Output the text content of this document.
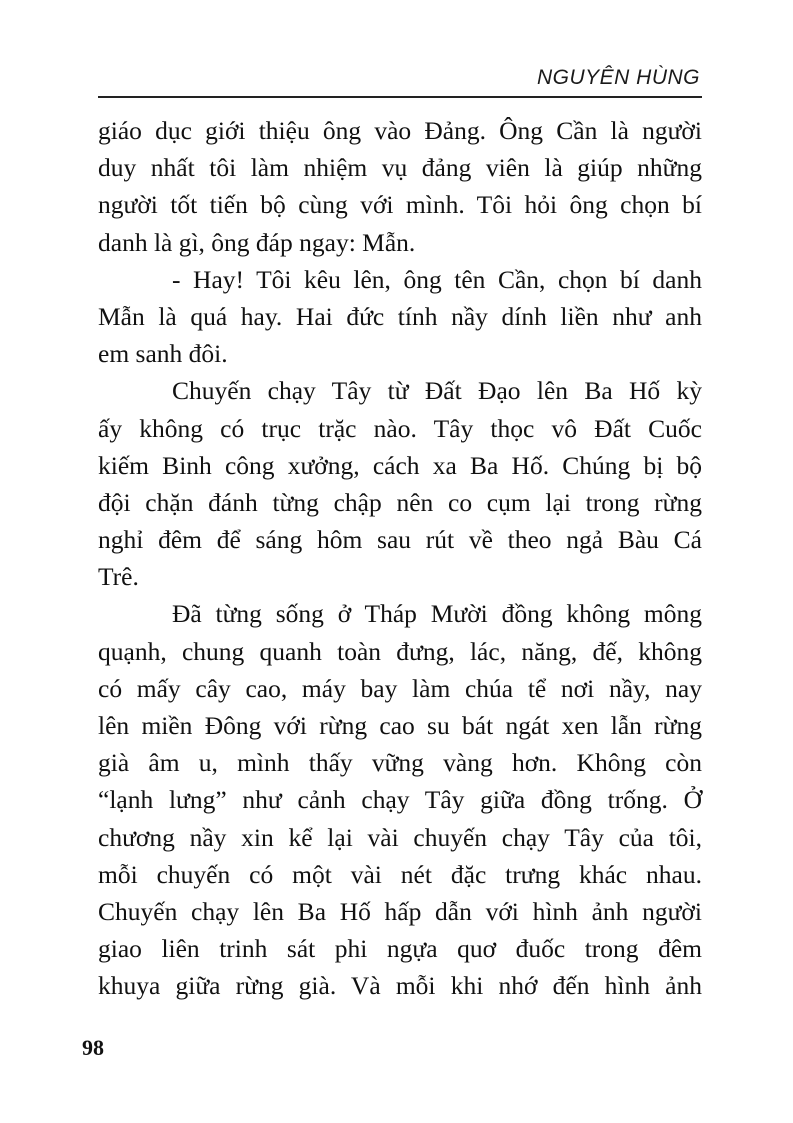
NGUYÊN HÙNG
giáo dục giới thiệu ông vào Đảng. Ông Cần là người
duy nhất tôi làm nhiệm vụ đảng viên là giúp những
người tốt tiến bộ cùng với mình. Tôi hỏi ông chọn bí
danh là gì, ông đáp ngay: Mẫn.
- Hay! Tôi kêu lên, ông tên Cần, chọn bí danh
Mẫn là quá hay. Hai đức tính nầy dính liền như anh
em sanh đôi.
Chuyến chạy Tây từ Đất Đạo lên Ba Hố kỳ
ấy không có trục trặc nào. Tây thọc vô Đất Cuốc
kiếm Binh công xưởng, cách xa Ba Hố. Chúng bị bộ
đội chặn đánh từng chập nên co cụm lại trong rừng
nghỉ đêm để sáng hôm sau rút về theo ngả Bàu Cá
Trê.
Đã từng sống ở Tháp Mười đồng không mông
quạnh, chung quanh toàn đưng, lác, năng, đế, không
có mấy cây cao, máy bay làm chúa tể nơi nầy, nay
lên miền Đông với rừng cao su bát ngát xen lẫn rừng
già âm u, mình thấy vững vàng hơn. Không còn
“lạnh lưng” như cảnh chạy Tây giữa đồng trống. Ở
chương nầy xin kể lại vài chuyến chạy Tây của tôi,
mỗi chuyến có một vài nét đặc trưng khác nhau.
Chuyến chạy lên Ba Hố hấp dẫn với hình ảnh người
giao liên trinh sát phi ngựa quơ đuốc trong đêm
khuya giữa rừng già. Và mỗi khi nhớ đến hình ảnh
98
